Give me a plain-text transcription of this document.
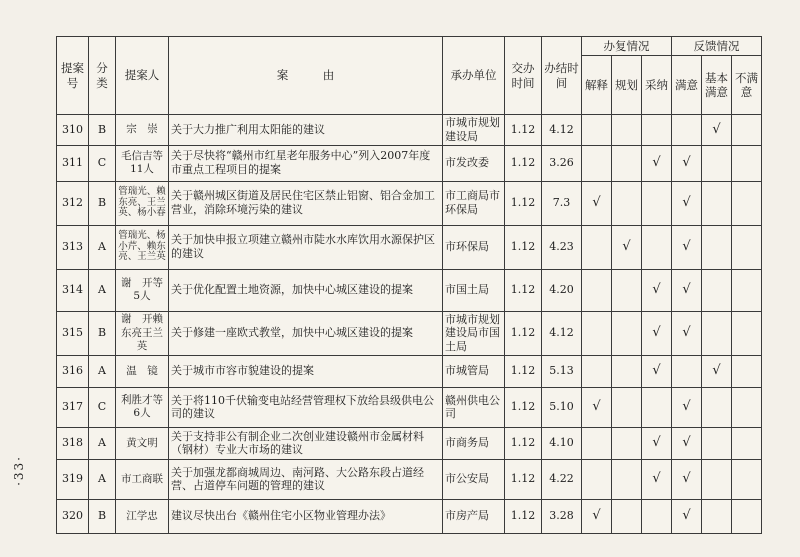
·33·
提案号	分类	提案人	案　　　由	承办单位	交办时间	办结时间	办复情况			反馈情况		
							解释	规划	采纳	满意	基本满意	不满意
310	B	宗　崇	关于大力推广利用太阳能的建议	市城市规划建设局	1.12	4.12					√	
311	C	毛信吉等11人	关于尽快将“赣州市红星老年服务中心”列入2007年度市重点工程项目的提案	市发改委	1.12	3.26			√	√		
312	B	管瑞光、赖东亮、王兰英、杨小春	关于赣州城区街道及居民住宅区禁止铝窗、铝合金加工营业，消除环境污染的建议	市工商局市环保局	1.12	7.3	√			√		
313	A	管瑞光、杨小芹、赖东亮、王兰英	关于加快申报立项建立赣州市陡水水库饮用水源保护区的建议	市环保局	1.12	4.23		√		√		
314	A	谢　开等5人	关于优化配置土地资源，加快中心城区建设的提案	市国土局	1.12	4.20			√	√		
315	B	谢　开赖东亮王兰英	关于修建一座欧式教堂，加快中心城区建设的提案	市城市规划建设局市国土局	1.12	4.12			√	√		
316	A	温　镜	关于城市市容市貌建设的提案	市城管局	1.12	5.13			√		√	
317	C	利胜才等6人	关于将110千伏输变电站经营管理权下放给县级供电公司的建议	赣州供电公司	1.12	5.10	√			√		
318	A	黄文明	关于支持非公有制企业二次创业建设赣州市金属材料（钢材）专业大市场的建议	市商务局	1.12	4.10			√	√		
319	A	市工商联	关于加强龙都商城周边、南河路、大公路东段占道经营、占道停车问题的管理的建议	市公安局	1.12	4.22			√	√		
320	B	江学忠	建议尽快出台《赣州住宅小区物业管理办法》	市房产局	1.12	3.28	√			√		
